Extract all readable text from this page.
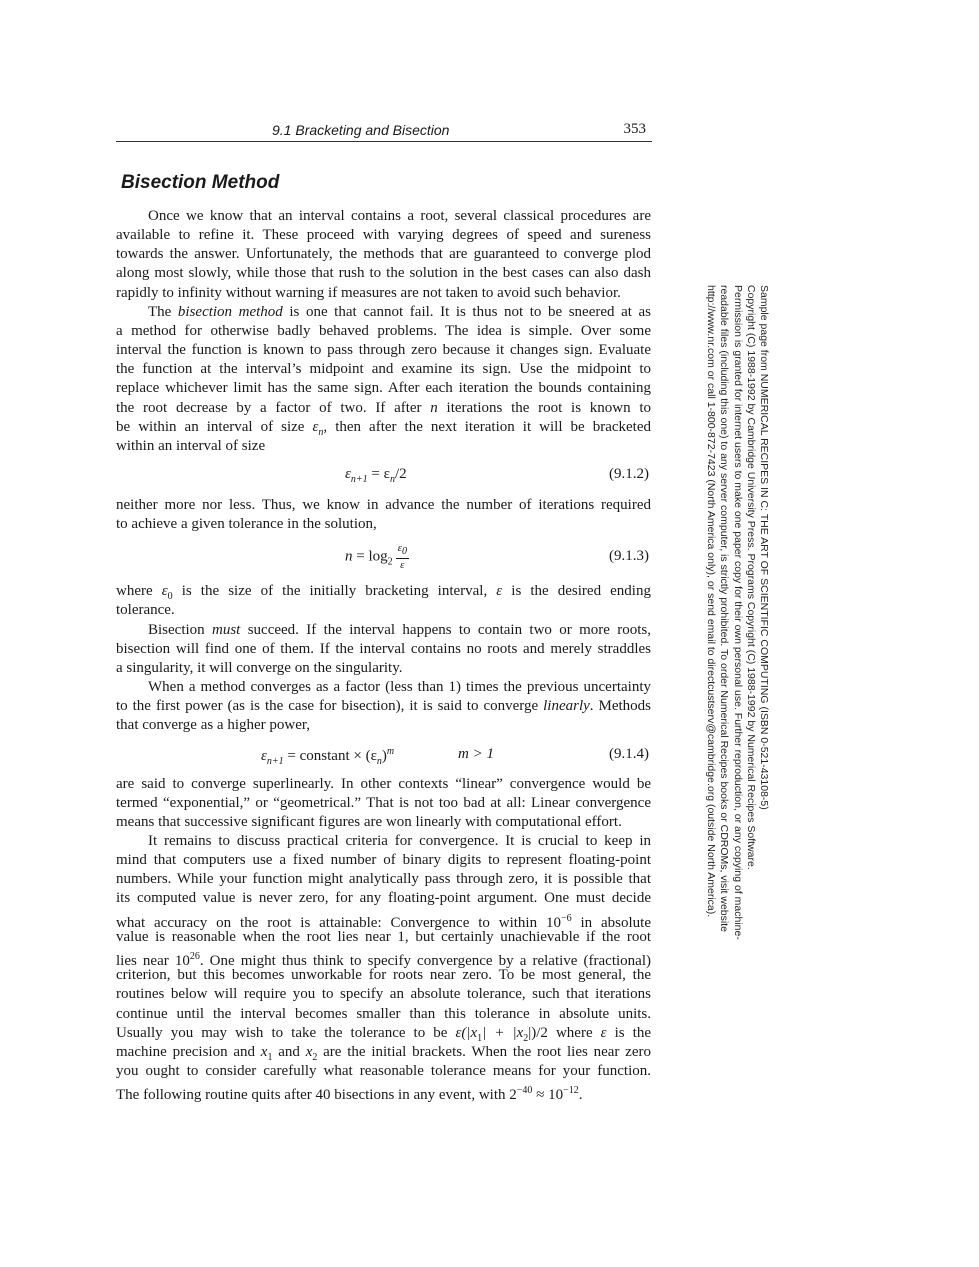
9.1 Bracketing and Bisection	353
Bisection Method
Once we know that an interval contains a root, several classical procedures are
available to refine it. These proceed with varying degrees of speed and sureness
towards the answer. Unfortunately, the methods that are guaranteed to converge plod
along most slowly, while those that rush to the solution in the best cases can also dash
rapidly to infinity without warning if measures are not taken to avoid such behavior.
The bisection method is one that cannot fail. It is thus not to be sneered at as
a method for otherwise badly behaved problems. The idea is simple. Over some
interval the function is known to pass through zero because it changes sign. Evaluate
the function at the interval’s midpoint and examine its sign. Use the midpoint to
replace whichever limit has the same sign. After each iteration the bounds containing
the root decrease by a factor of two. If after n iterations the root is known to
be within an interval of size $\varepsilon_n$, then after the next iteration it will be bracketed
within an interval of size
$\varepsilon_{n+1} = \varepsilon_n/2$	(9.1.2)
neither more nor less. Thus, we know in advance the number of iterations required
to achieve a given tolerance in the solution,
$n = \log_2 \frac{\varepsilon_0}{\varepsilon}$	(9.1.3)
where $\varepsilon_0$ is the size of the initially bracketing interval, ε is the desired ending
tolerance.
Bisection must succeed. If the interval happens to contain two or more roots,
bisection will find one of them. If the interval contains no roots and merely straddles
a singularity, it will converge on the singularity.
When a method converges as a factor (less than 1) times the previous uncertainty
to the first power (as is the case for bisection), it is said to converge linearly. Methods
that converge as a higher power,
$\varepsilon_{n+1}$ = constant × $(\varepsilon_n)^m$	m > 1	(9.1.4)
are said to converge superlinearly. In other contexts “linear” convergence would be
termed “exponential,” or “geometrical.” That is not too bad at all: Linear convergence
means that successive significant figures are won linearly with computational effort.
It remains to discuss practical criteria for convergence. It is crucial to keep in
mind that computers use a fixed number of binary digits to represent floating-point
numbers. While your function might analytically pass through zero, it is possible that
its computed value is never zero, for any floating-point argument. One must decide
what accuracy on the root is attainable: Convergence to within $10^{-6}$ in absolute
value is reasonable when the root lies near 1, but certainly unachievable if the root
lies near $10^{26}$. One might thus think to specify convergence by a relative (fractional)
criterion, but this becomes unworkable for roots near zero. To be most general, the
routines below will require you to specify an absolute tolerance, such that iterations
continue until the interval becomes smaller than this tolerance in absolute units.
Usually you may wish to take the tolerance to be $\varepsilon(|x_1| + |x_2|)/2$ where ε is the
machine precision and $x_1$ and $x_2$ are the initial brackets. When the root lies near zero
you ought to consider carefully what reasonable tolerance means for your function.
The following routine quits after 40 bisections in any event, with $2^{-40} \approx 10^{-12}$.
Sample page from NUMERICAL RECIPES IN C: THE ART OF SCIENTIFIC COMPUTING (ISBN 0-521-43108-5)
Copyright (C) 1988-1992 by Cambridge University Press. Programs Copyright (C) 1988-1992 by Numerical Recipes Software.
Permission is granted for internet users to make one paper copy for their own personal use. Further reproduction, or any copying of machine-
readable files (including this one) to any server computer, is strictly prohibited. To order Numerical Recipes books or CDROMs, visit website
http://www.nr.com or call 1-800-872-7423 (North America only), or send email to directcustserv@cambridge.org (outside North America).
